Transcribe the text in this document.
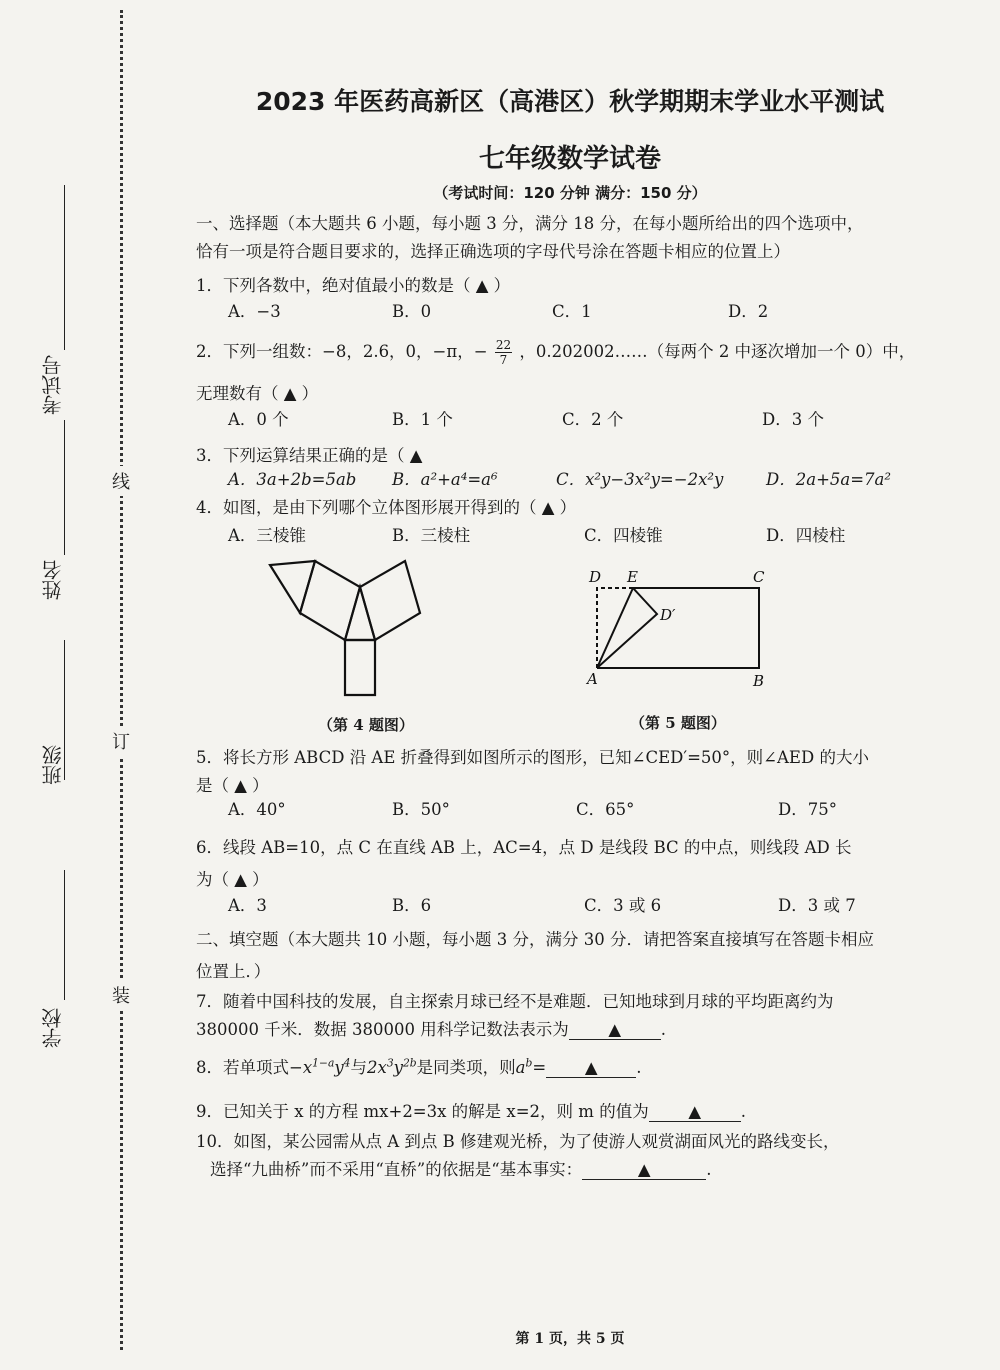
线
订
装
考试号
姓名
班级
学校
2023 年医药高新区（高港区）秋学期期末学业水平测试
七年级数学试卷
（考试时间：120 分钟 满分：150 分）
一、选择题（本大题共 6 小题，每小题 3 分，满分 18 分，在每小题所给出的四个选项中，
恰有一项是符合题目要求的，选择正确选项的字母代号涂在答题卡相应的位置上）
1．下列各数中，绝对值最小的数是（ ▲ ）
A．−3	B．0	C．1	D．2
2．下列一组数：−8，2.6，0，−π，− $\frac{22}{7}$ ，0.202002……（每两个 2 中逐次增加一个 0）中，
无理数有（ ▲ ）
A．0 个	B．1 个	C．2 个	D．3 个
3．下列运算结果正确的是（ ▲
A．3a+2b=5ab B．a²+a⁴=a⁶	C．x²y−3x²y=−2x²y	D．2a+5a=7a²
4．如图，是由下列哪个立体图形展开得到的（ ▲ ）
A．三棱锥	B．三棱柱	C．四棱锥	D．四棱柱
（第 4 题图）
D E	C
D′
A	B
（第 5 题图）
5．将长方形 ABCD 沿 AE 折叠得到如图所示的图形，已知∠CED′=50°，则∠AED 的大小
是（ ▲ ）
A．40°	B．50°	C．65°	D．75°
6．线段 AB=10，点 C 在直线 AB 上，AC=4，点 D 是线段 BC 的中点，则线段 AD 长
为（ ▲ ）
A．3	B．6	C．3 或 6	D．3 或 7
二、填空题（本大题共 10 小题，每小题 3 分，满分 30 分．请把答案直接填写在答题卡相应
位置上．）
7．随着中国科技的发展，自主探索月球已经不是难题．已知地球到月球的平均距离约为
380000 千米．数据 380000 用科学记数法表示为 ▲ .
8．若单项式$-x^{1-a}y^4$与$2x^3y^{2b}$是同类项，则$a^b=$ ▲ .
9．已知关于 x 的方程 mx+2=3x 的解是 x=2，则 m 的值为 ▲ .
10．如图，某公园需从点 A 到点 B 修建观光桥，为了使游人观赏湖面风光的路线变长，
选择“九曲桥”而不采用“直桥”的依据是“基本事实：	▲	.
第 1 页，共 5 页
